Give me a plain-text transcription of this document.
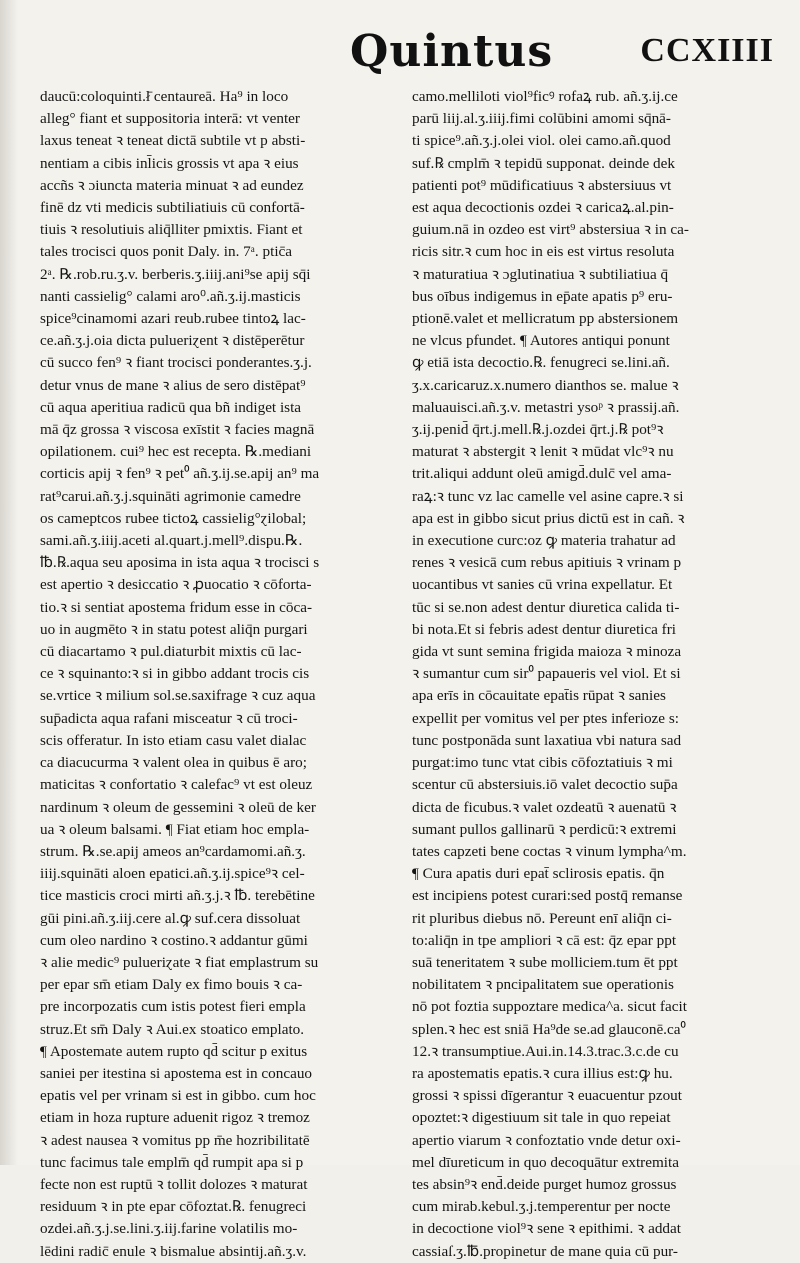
Quintus	CCXIIII
daucū:coloquinti.ł̄ centaureā. Ha⁹ in loco
alleg° fiant et suppositoria interā: vt venter
laxus teneat ꝛ teneat dictā subtile vt p absti-
nentiam a cibis inl̄icis grossis vt apa ꝛ eius
accñs ꝛ ɔiuncta materia minuat ꝛ ad eundez
finē dz vti medicis subtiliatiuis cū confortā-
tiuis ꝛ resolutiuis aliq̄lliter pmixtis. Fiant et
tales trocisci quos ponit Daly. in. 7ᵃ. ptic̄a
2ᵃ. ℞.rob.ru.ʒ.v. berberis.ʒ.iiij.ani⁹se apij sq̄i
nanti cassielig° calami aro⁰.añ.ʒ.ij.masticis
spice⁹cinamomi azari reub.rubee tintoꝝ lac-
ce.añ.ʒ.j.oia dicta pulueriɀent ꝛ distēperētur
cū succo fen⁹ ꝛ fiant trocisci ponderantes.ʒ.j.
detur vnus de mane ꝛ alius de sero distēpat⁹
cū aqua aperitiua radicū qua bñ indiget ista
mā q̄z grossa ꝛ viscosa exīstit ꝛ facies magnā
opilationem. cui⁹ hec est recepta. ℞.mediani
corticis apij ꝛ fen⁹ ꝛ pet⁰ añ.ʒ.ij.se.apij an⁹ ma
rat⁹carui.añ.ʒ.j.squināti agrimonie camedre
os cameptcos rubee tictoꝝ cassielig°ɀilobal;
sami.añ.ʒ.iiij.aceti al.quart.j.mell⁹.dispu.℞.
℔.℞.aqua seu aposima in ista aqua ꝛ trocisci s
est apertio ꝛ desiccatio ꝛ ꝓuocatio ꝛ cōforta-
tio.ꝛ si sentiat apostema fridum esse in cōca-
uo in augmēto ꝛ in statu potest aliq̄n purgari
cū diacartamo ꝛ pul.diaturbit mixtis cū lac-
ce ꝛ squinanto:ꝛ si in gibbo addant trocis cis
se.vrtice ꝛ milium sol.se.saxifrage ꝛ cuz aqua
sup̄adicta aqua rafani misceatur ꝛ cū troci-
scis offeratur. In isto etiam casu valet dialac
ca diacucurma ꝛ valent olea in quibus ē aro;
maticitas ꝛ confortatio ꝛ calefac⁹ vt est oleuz
nardinum ꝛ oleum de gessemini ꝛ oleū de ker
ua ꝛ oleum balsami. ¶ Fiat etiam hoc empla-
strum. ℞.se.apij ameos an⁹cardamomi.añ.ʒ.
iiij.squināti aloen epatici.añ.ʒ.ij.spice⁹ꝛ cel-
tice masticis croci mirti añ.ʒ.j.ꝛ ℔. terebētine
gūi pini.añ.ʒ.iij.cere al.ꝙ suf.cera dissoluat
cum oleo nardino ꝛ costino.ꝛ addantur gūmi
ꝛ alie medic⁹ pulueriɀate ꝛ fiat emplastrum su
per epar sm̄ etiam Daly ex fimo bouis ꝛ ca-
pre incorpozatis cum istis potest fieri empla
struz.Et sm̄ Daly ꝛ Aui.ex stoatico emplato.
¶ Apostemate autem rupto qd̄ scitur p exitus
saniei per itestina si apostema est in concauo
epatis vel per vrinam si est in gibbo. cum hoc
etiam in hoza rupture aduenit rigoz ꝛ tremoz
ꝛ adest nausea ꝛ vomitus pp m̄e hozribilitatē
tunc facimus tale emplm̄ qd̄ rumpit apa si p
fecte non est ruptū ꝛ tollit dolozes ꝛ maturat
residuum ꝛ in pte epar cōfoztat.℞. fenugreci
ozdei.añ.ʒ.j.se.lini.ʒ.iij.farine volatilis mo-
lēdini radic̄ enule ꝛ bismalue absintij.añ.ʒ.v.
camo.melliloti viol⁹ficꝰ rofaꝝ rub. añ.ʒ.ij.ce
parū liij.al.ʒ.iiij.fimi colūbini amomi sq̄nā-
ti spice⁹.añ.ʒ.j.olei viol. olei camo.añ.quod
suf.℞ cmplm̄ ꝛ tepidū supponat. deinde dek
patienti pot⁹ mūdificatiuus ꝛ abstersiuus vt
est aqua decoctionis ozdei ꝛ caricaꝝ.al.pin-
guium.nā in ozdeo est virt⁹ abstersiua ꝛ in ca-
ricis sitr.ꝛ cum hoc in eis est virtus resoluta
ꝛ maturatiua ꝛ ɔglutinatiua ꝛ subtiliatiua q̄
bus oībus indigemus in ep̄ate apatis p⁹ eru-
ptionē.valet et mellicratum pp abstersionem
ne vlcus pfundet. ¶ Autores antiqui ponunt
ꝙ etiā ista decoctio.℞. fenugreci se.lini.añ.
ʒ.x.caricaruz.x.numero dianthos se. malue ꝛ
maluauisci.añ.ʒ.v. metastri ysoᵖ ꝛ prassij.añ.
ʒ.ij.penid̄ q̄rt.j.mell.℞.j.ozdei q̄rt.j.℞ pot⁹ꝛ
maturat ꝛ abstergit ꝛ lenit ꝛ mūdat vlc⁹ꝛ nu
trit.aliqui addunt oleū amigd̄.dulc̄ vel ama-
raꝝ:ꝛ tunc vz lac camelle vel asine capre.ꝛ si
apa est in gibbo sicut prius dictū est in cañ. ꝛ
in executione curc:oz ꝙ materia trahatur ad
renes ꝛ vesicā cum rebus apitiuis ꝛ vrinam p
uocantibus vt sanies cū vrina expellatur. Et
tūc si se.non adest dentur diuretica calida ti-
bi nota.Et si febris adest dentur diuretica fri
gida vt sunt semina frigida maioza ꝛ minoza
ꝛ sumantur cum sir⁰ papaueris vel viol. Et si
apa erīs in cōcauitate epat̄is rūpat ꝛ sanies
expellit per vomitus vel per ptes inferioze s:
tunc postponāda sunt laxatiua vbi natura sad
purgat:imo tunc vtat cibis cōfoztatiuis ꝛ mi
scentur cū abstersiuis.iō valet decoctio sup̄a
dicta de ficubus.ꝛ valet ozdeatū ꝛ auenatū ꝛ
sumant pullos gallinarū ꝛ perdicū:ꝛ extremi
tates capzeti bene coctas ꝛ vinum lympha^m.
¶ Cura apatis duri epat̄ sclirosis epatis. q̄n
est incipiens potest curari:sed postq̄ remanse
rit pluribus diebus nō. Pereunt enī aliq̄n ci-
to:aliq̄n in tpe ampliori ꝛ cā est: q̄z epar ppt
suā teneritatem ꝛ sube molliciem.tum ēt ppt
nobilitatem ꝛ pncipalitatem sue operationis
nō pot foztia suppoztare medica^a. sicut facit
splen.ꝛ hec est sniā Ha⁹de se.ad glauconē.ca⁰
12.ꝛ transumptiue.Aui.in.14.3.trac.3.c.de cu
ra apostematis epatis.ꝛ cura illius est:ꝙ hu.
grossi ꝛ spissi dīgerantur ꝛ euacuentur pzout
opoztet:ꝛ digestiuum sit tale in quo repeiat
apertio viarum ꝛ confoztatio vnde detur oxi-
mel dīureticum in quo decoquātur extremita
tes absin⁹ꝛ end̄.deide purget humoz grossus
cum mirab.kebul.ʒ.j.temperentur per nocte
in decoctione viol⁹ꝛ sene ꝛ epithimi. ꝛ addat
cassiaſ.ʒ.℔.propinetur de mane quia cū pur-
